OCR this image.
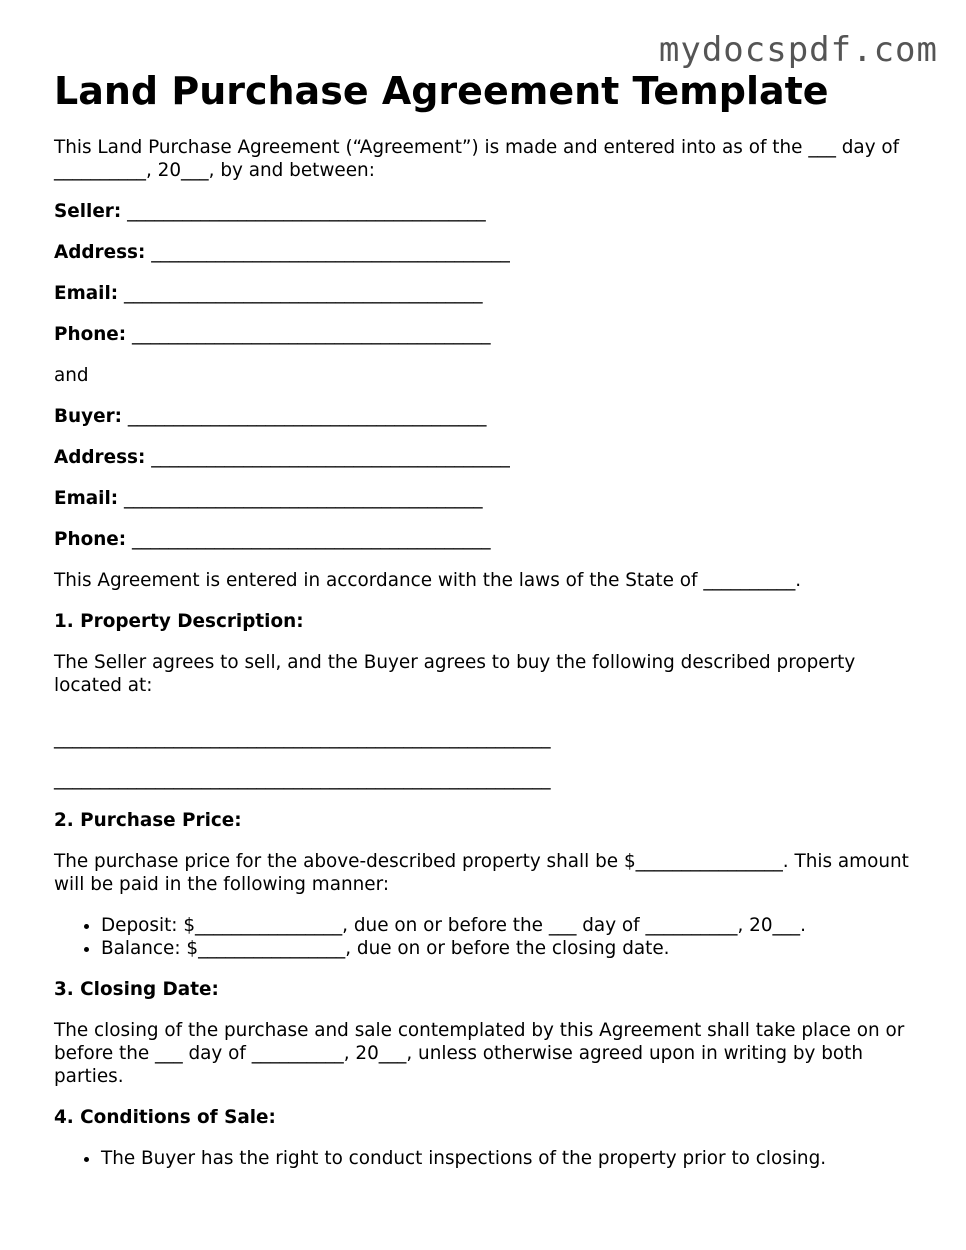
mydocspdf.com
Land Purchase Agreement Template

This Land Purchase Agreement (“Agreement”) is made and entered into as of the ___ day of __________, 20___, by and between:

Seller: _______________________________________

Address: _______________________________________

Email: _______________________________________

Phone: _______________________________________

and

Buyer: _______________________________________

Address: _______________________________________

Email: _______________________________________

Phone: _______________________________________

This Agreement is entered in accordance with the laws of the State of __________.

1. Property Description:

The Seller agrees to sell, and the Buyer agrees to buy the following described property located at:

______________________________________________________

______________________________________________________

2. Purchase Price:

The purchase price for the above-described property shall be $________________. This amount will be paid in the following manner:

• Deposit: $________________, due on or before the ___ day of __________, 20___.
• Balance: $________________, due on or before the closing date.

3. Closing Date:

The closing of the purchase and sale contemplated by this Agreement shall take place on or before the ___ day of __________, 20___, unless otherwise agreed upon in writing by both parties.

4. Conditions of Sale:

• The Buyer has the right to conduct inspections of the property prior to closing.
